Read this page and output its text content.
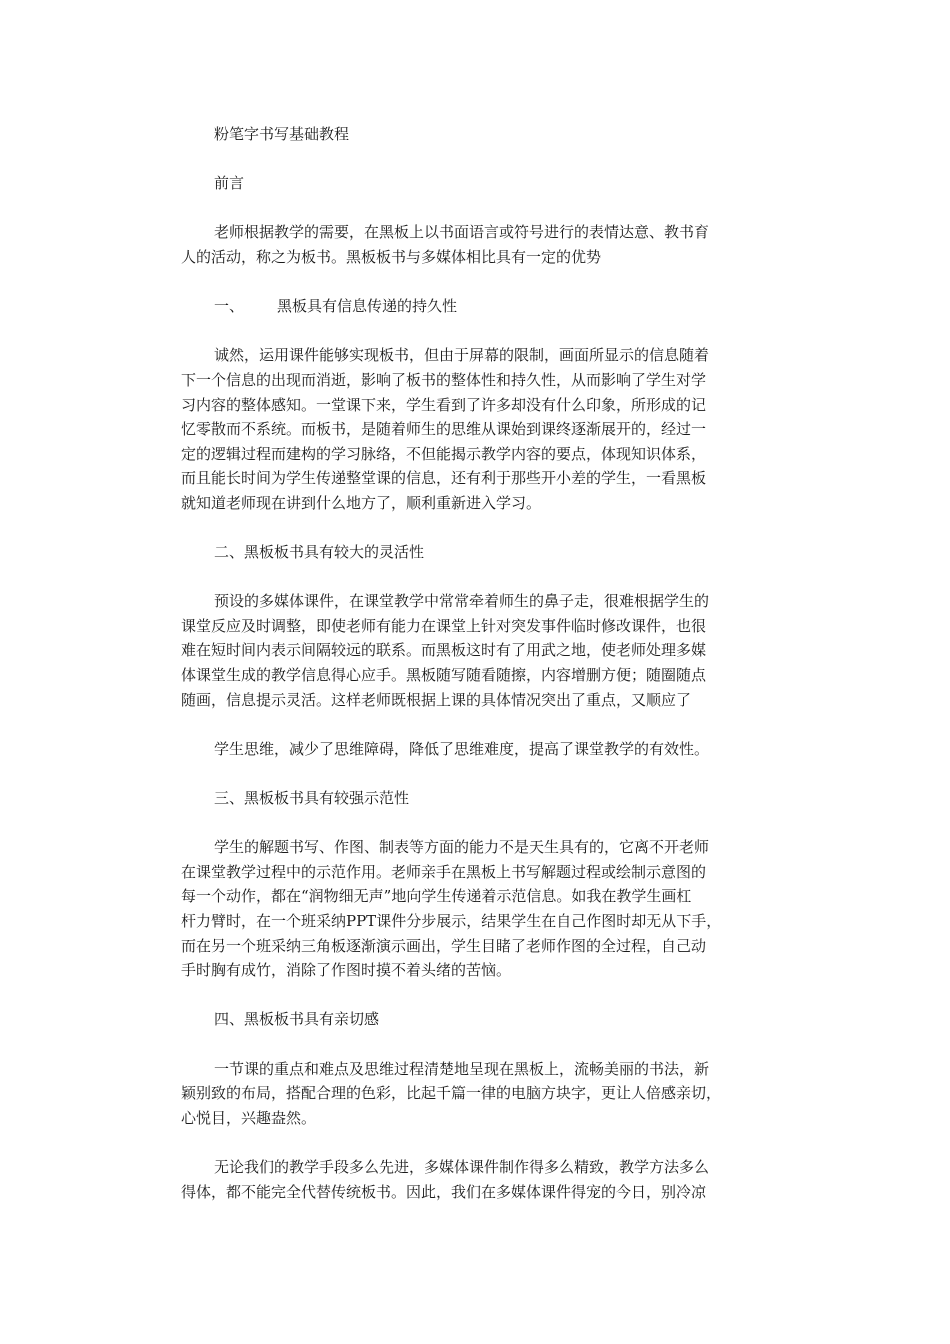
粉笔字书写基础教程

前言

老师根据教学的需要，在黑板上以书面语言或符号进行的表情达意、教书育

人的活动，称之为板书。黑板板书与多媒体相比具有一定的优势

一、 黑板具有信息传递的持久性

诚然，运用课件能够实现板书，但由于屏幕的限制，画面所显示的信息随着

下一个信息的出现而消逝，影响了板书的整体性和持久性，从而影响了学生对学

习内容的整体感知。一堂课下来，学生看到了许多却没有什么印象，所形成的记

忆零散而不系统。而板书，是随着师生的思维从课始到课终逐渐展开的，经过一

定的逻辑过程而建构的学习脉络，不但能揭示教学内容的要点，体现知识体系，

而且能长时间为学生传递整堂课的信息，还有利于那些开小差的学生，一看黑板

就知道老师现在讲到什么地方了，顺利重新进入学习。

二、黑板板书具有较大的灵活性

预设的多媒体课件，在课堂教学中常常牵着师生的鼻子走，很难根据学生的

课堂反应及时调整，即使老师有能力在课堂上针对突发事件临时修改课件，也很

难在短时间内表示间隔较远的联系。而黑板这时有了用武之地，使老师处理多媒

体课堂生成的教学信息得心应手。黑板随写随看随擦，内容增删方便；随圈随点

随画，信息提示灵活。这样老师既根据上课的具体情况突出了重点，又顺应了

学生思维，减少了思维障碍，降低了思维难度，提高了课堂教学的有效性。

三、黑板板书具有较强示范性

学生的解题书写、作图、制表等方面的能力不是天生具有的，它离不开老师

在课堂教学过程中的示范作用。老师亲手在黑板上书写解题过程或绘制示意图的

每一个动作，都在“润物细无声”地向学生传递着示范信息。如我在教学生画杠

杆力臂时，在一个班采纳PPT课件分步展示，结果学生在自己作图时却无从下手，

而在另一个班采纳三角板逐渐演示画出，学生目睹了老师作图的全过程，自己动

手时胸有成竹，消除了作图时摸不着头绪的苦恼。

四、黑板板书具有亲切感

一节课的重点和难点及思维过程清楚地呈现在黑板上，流畅美丽的书法，新

颖别致的布局，搭配合理的色彩，比起千篇一律的电脑方块字，更让人倍感亲切，

心悦目，兴趣盎然。

无论我们的教学手段多么先进，多媒体课件制作得多么精致，教学方法多么

得体，都不能完全代替传统板书。因此，我们在多媒体课件得宠的今日，别冷凉
